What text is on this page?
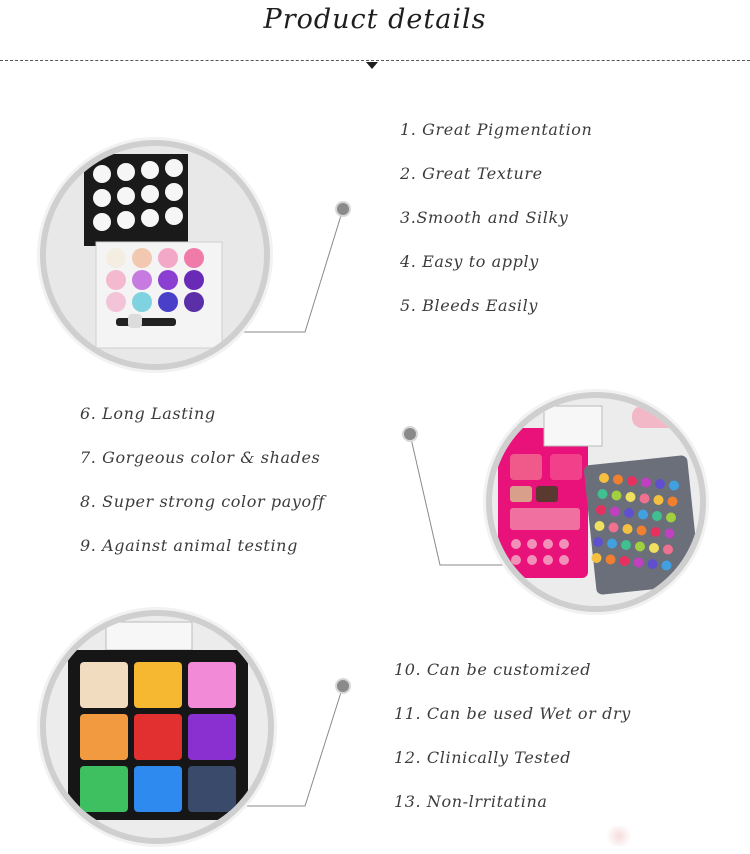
Product details
1. Great Pigmentation
2. Great Texture
3.Smooth and Silky
4. Easy to apply
5. Bleeds Easily
6. Long Lasting
7. Gorgeous color & shades
8. Super strong color payoff
9. Against animal testing
10. Can be customized
11. Can be used Wet or dry
12. Clinically Tested
13. Non-lrritatina
